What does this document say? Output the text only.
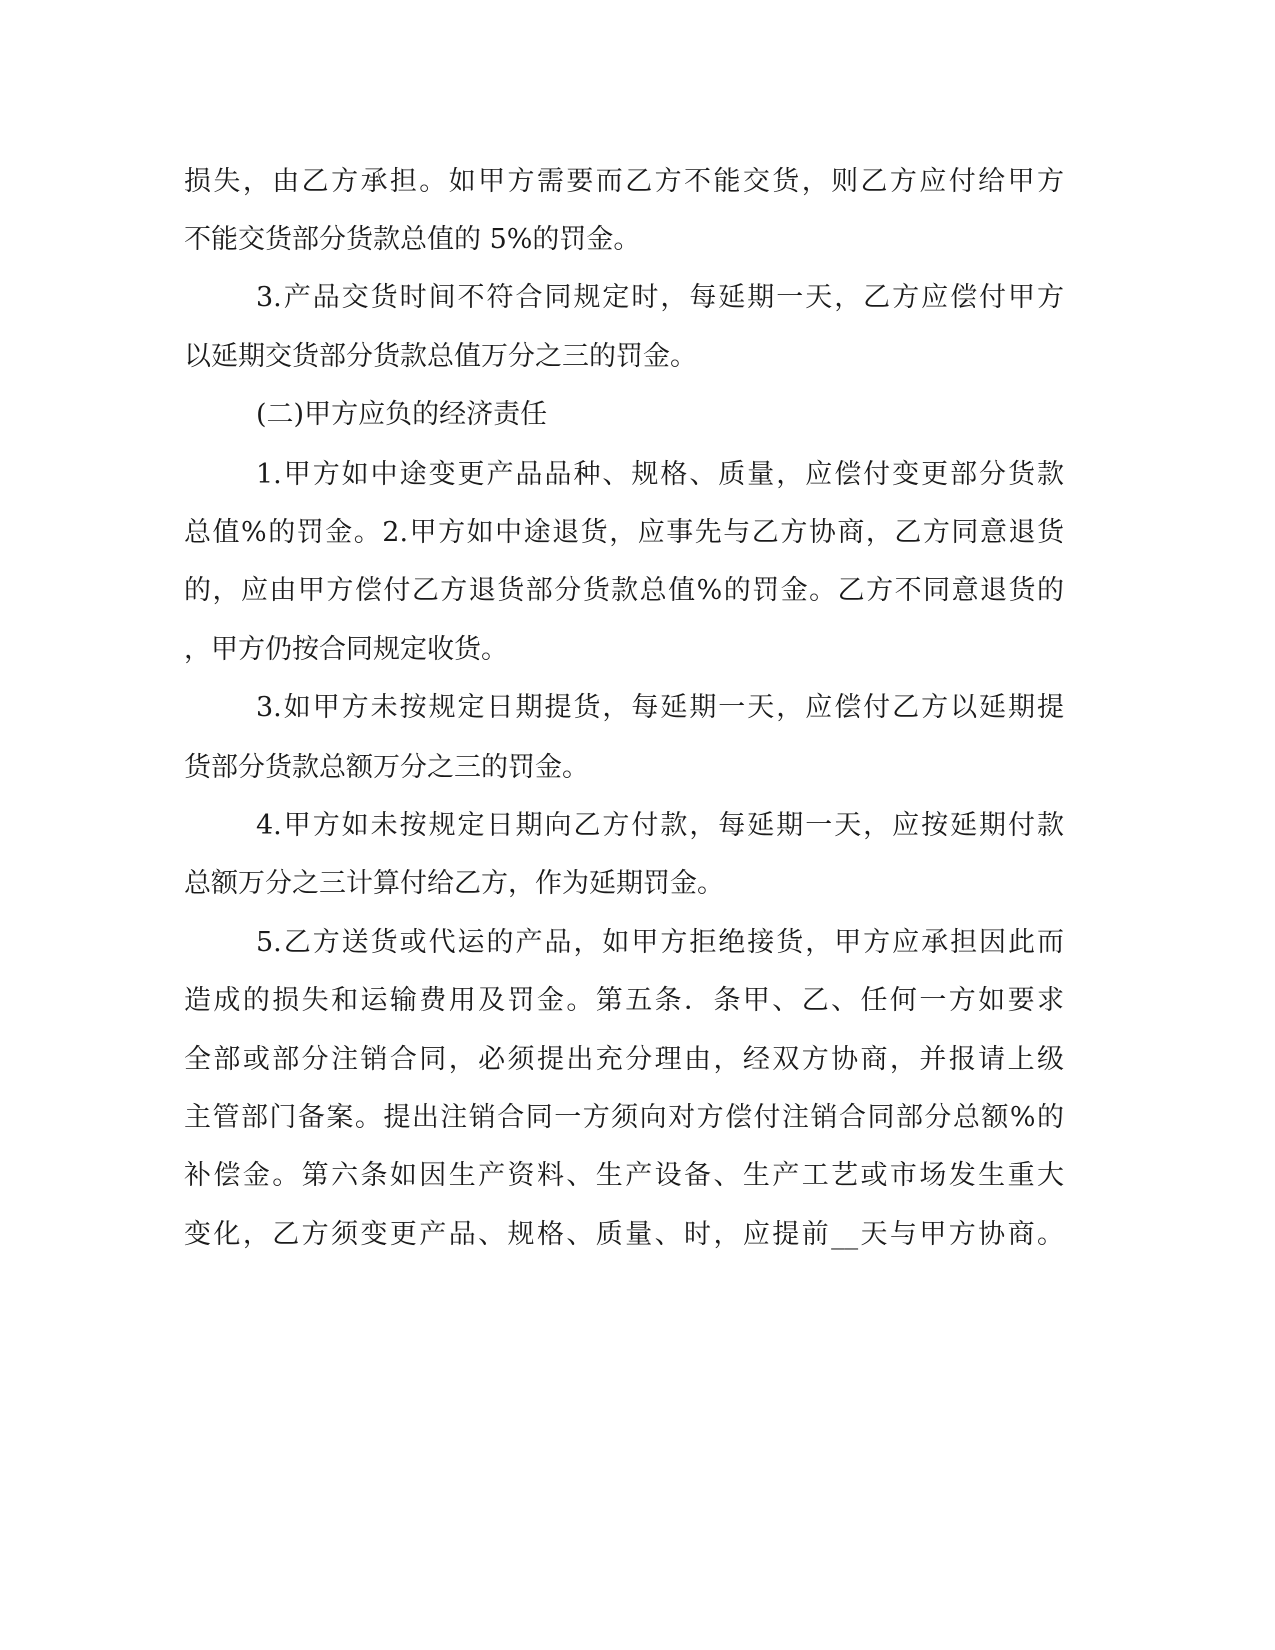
损失，由乙方承担。如甲方需要而乙方不能交货，则乙方应付给甲方
不能交货部分货款总值的 5%的罚金。
3.产品交货时间不符合同规定时，每延期一天，乙方应偿付甲方
以延期交货部分货款总值万分之三的罚金。
(二)甲方应负的经济责任
1.甲方如中途变更产品品种、规格、质量，应偿付变更部分货款
总值%的罚金。2.甲方如中途退货，应事先与乙方协商，乙方同意退货
的，应由甲方偿付乙方退货部分货款总值%的罚金。乙方不同意退货的
，甲方仍按合同规定收货。
3.如甲方未按规定日期提货，每延期一天，应偿付乙方以延期提
货部分货款总额万分之三的罚金。
4.甲方如未按规定日期向乙方付款，每延期一天，应按延期付款
总额万分之三计算付给乙方，作为延期罚金。
5.乙方送货或代运的产品，如甲方拒绝接货，甲方应承担因此而
造成的损失和运输费用及罚金。第五条．条甲、乙、任何一方如要求
全部或部分注销合同，必须提出充分理由，经双方协商，并报请上级
主管部门备案。提出注销合同一方须向对方偿付注销合同部分总额%的
补偿金。第六条如因生产资料、生产设备、生产工艺或市场发生重大
变化，乙方须变更产品、规格、质量、时，应提前__天与甲方协商。
